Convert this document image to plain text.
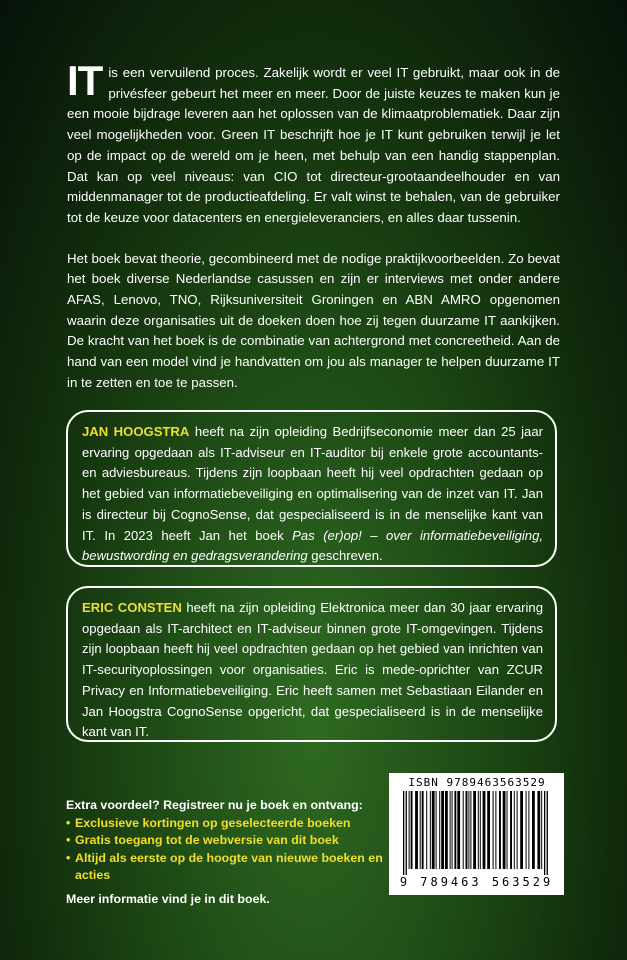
IT is een vervuilend proces. Zakelijk wordt er veel IT gebruikt, maar ook in de privésfeer gebeurt het meer en meer. Door de juiste keuzes te maken kun je een mooie bijdrage leveren aan het oplossen van de klimaatproblematiek. Daar zijn veel mogelijkheden voor. Green IT beschrijft hoe je IT kunt gebruiken terwijl je let op de impact op de wereld om je heen, met behulp van een handig stappenplan. Dat kan op veel niveaus: van CIO tot directeur-grootaandeelhouder en van middenmanager tot de productieafdeling. Er valt winst te behalen, van de gebruiker tot de keuze voor datacenters en energieleveranciers, en alles daar tussenin.

Het boek bevat theorie, gecombineerd met de nodige praktijkvoorbeelden. Zo bevat het boek diverse Nederlandse casussen en zijn er interviews met onder andere AFAS, Lenovo, TNO, Rijksuniversiteit Groningen en ABN AMRO opgenomen waarin deze organisaties uit de doeken doen hoe zij tegen duurzame IT aankijken. De kracht van het boek is de combinatie van achtergrond met concreetheid. Aan de hand van een model vind je handvatten om jou als manager te helpen duurzame IT in te zetten en toe te passen.

JAN HOOGSTRA heeft na zijn opleiding Bedrijfseconomie meer dan 25 jaar ervaring opgedaan als IT-adviseur en IT-auditor bij enkele grote accountants- en adviesbureaus. Tijdens zijn loopbaan heeft hij veel opdrachten gedaan op het gebied van informatiebeveiliging en optimalisering van de inzet van IT. Jan is directeur bij CognoSense, dat gespecialiseerd is in de menselijke kant van IT. In 2023 heeft Jan het boek Pas (er)op! – over informatiebeveiliging, bewustwording en gedragsverandering geschreven.
ERIC CONSTEN heeft na zijn opleiding Elektronica meer dan 30 jaar ervaring opgedaan als IT-architect en IT-adviseur binnen grote IT-omgevingen. Tijdens zijn loopbaan heeft hij veel opdrachten gedaan op het gebied van inrichten van IT-securityoplossingen voor organisaties. Eric is mede-oprichter van ZCUR Privacy en Informatiebeveiliging. Eric heeft samen met Sebastiaan Eilander en Jan Hoogstra CognoSense opgericht, dat gespecialiseerd is in de menselijke kant van IT.
Extra voordeel? Registreer nu je boek en ontvang:
• Exclusieve kortingen op geselecteerde boeken
• Gratis toegang tot de webversie van dit boek
• Altijd als eerste op de hoogte van nieuwe boeken en acties
Meer informatie vind je in dit boek.
ISBN 9789463563529
9 789463 563529
